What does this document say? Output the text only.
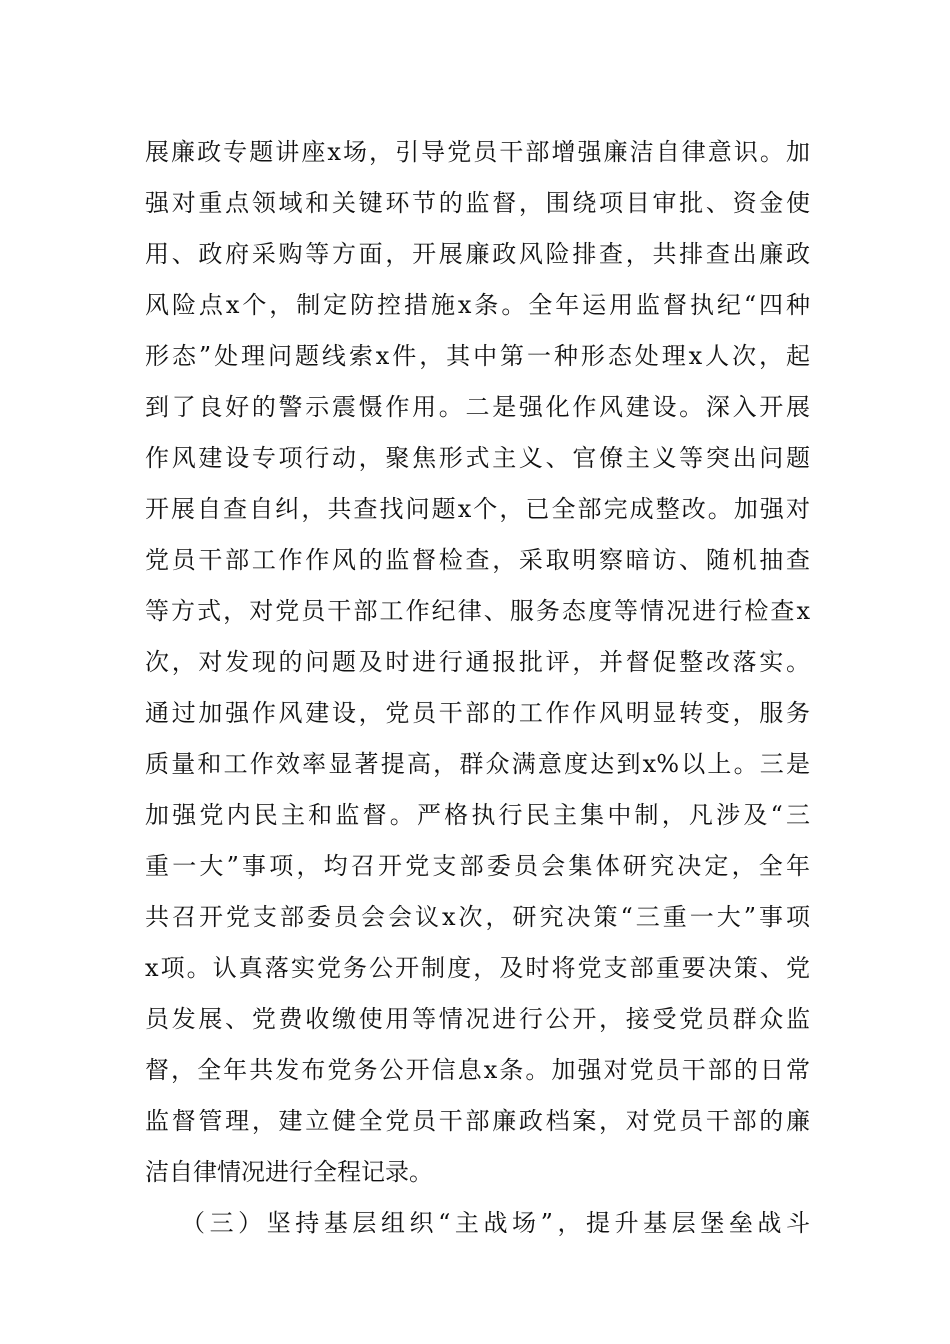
展廉政专题讲座x场，引导党员干部增强廉洁自律意识。加
强对重点领域和关键环节的监督，围绕项目审批、资金使
用、政府采购等方面，开展廉政风险排查，共排查出廉政
风险点x个，制定防控措施x条。全年运用监督执纪“四种
形态”处理问题线索x件，其中第一种形态处理x人次，起
到了良好的警示震慑作用。二是强化作风建设。深入开展
作风建设专项行动，聚焦形式主义、官僚主义等突出问题
开展自查自纠，共查找问题x个，已全部完成整改。加强对
党员干部工作作风的监督检查，采取明察暗访、随机抽查
等方式，对党员干部工作纪律、服务态度等情况进行检查x
次，对发现的问题及时进行通报批评，并督促整改落实。
通过加强作风建设，党员干部的工作作风明显转变，服务
质量和工作效率显著提高，群众满意度达到x%以上。三是
加强党内民主和监督。严格执行民主集中制，凡涉及“三
重一大”事项，均召开党支部委员会集体研究决定，全年
共召开党支部委员会会议x次，研究决策“三重一大”事项
x项。认真落实党务公开制度，及时将党支部重要决策、党
员发展、党费收缴使用等情况进行公开，接受党员群众监
督，全年共发布党务公开信息x条。加强对党员干部的日常
监督管理，建立健全党员干部廉政档案，对党员干部的廉
洁自律情况进行全程记录。
（三）坚持基层组织“主战场”，提升基层堡垒战斗
